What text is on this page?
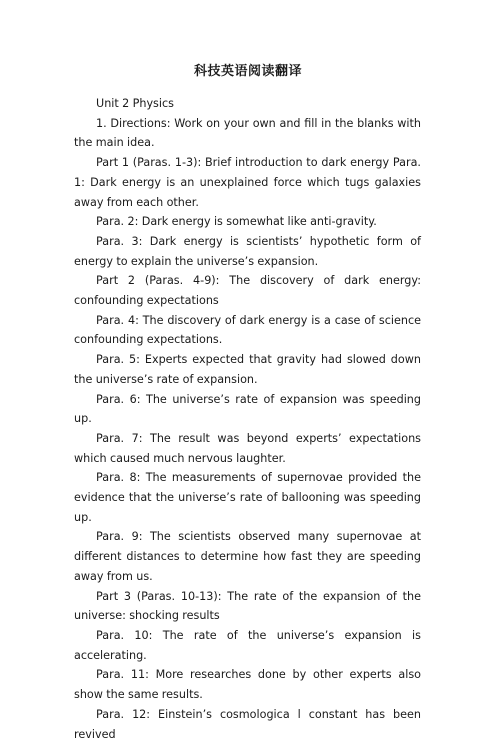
科技英语阅读翻译

Unit 2 Physics

1. Directions: Work on your own and fill in the blanks with the main idea.

Part 1 (Paras. 1-3): Brief introduction to dark energy Para. 1: Dark energy is an unexplained force which tugs galaxies away from each other.

Para. 2: Dark energy is somewhat like anti-gravity.

Para. 3: Dark energy is scientists’ hypothetic form of energy to explain the universe’s expansion.

Part 2 (Paras. 4-9): The discovery of dark energy: confounding expectations

Para. 4: The discovery of dark energy is a case of science confounding expectations.

Para. 5: Experts expected that gravity had slowed down the universe’s rate of expansion.

Para. 6: The universe’s rate of expansion was speeding up.

Para. 7: The result was beyond experts’ expectations which caused much nervous laughter.

Para. 8: The measurements of supernovae provided the evidence that the universe’s rate of ballooning was speeding up.

Para. 9: The scientists observed many supernovae at different distances to determine how fast they are speeding away from us.

Part 3 (Paras. 10-13): The rate of the expansion of the universe: shocking results

Para. 10: The rate of the universe’s expansion is accelerating.

Para. 11: More researches done by other experts also show the same results.

Para. 12: Einstein’s cosmologica l constant has been revived
